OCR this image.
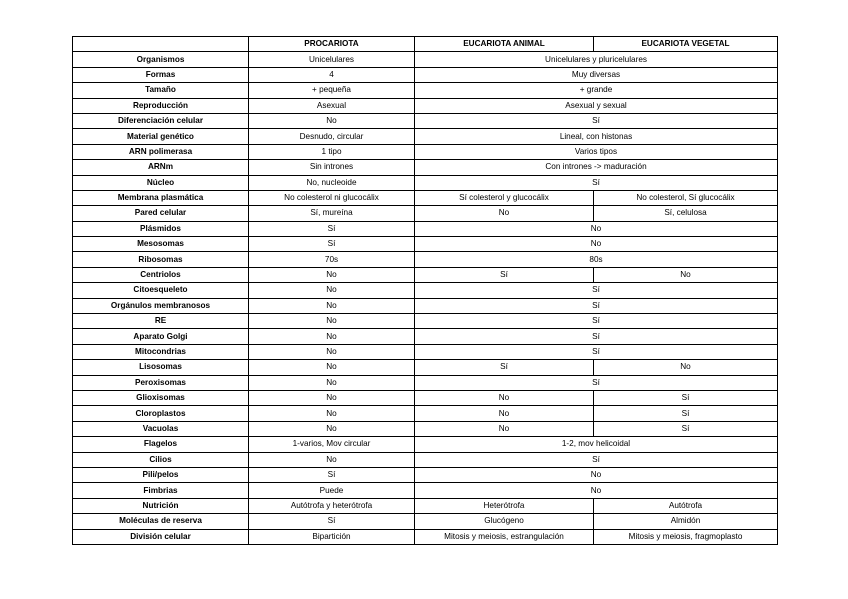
	PROCARIOTA	EUCARIOTA ANIMAL	EUCARIOTA VEGETAL
Organismos	Unicelulares	Unicelulares y pluricelulares	
Formas	4	Muy diversas	
Tamaño	+ pequeña	+ grande	
Reproducción	Asexual	Asexual y sexual	
Diferenciación celular	No	Sí	
Material genético	Desnudo, circular	Lineal, con histonas	
ARN polimerasa	1 tipo	Varios tipos	
ARNm	Sin intrones	Con intrones -> maduración	
Núcleo	No, nucleoide	Sí	
Membrana plasmática	No colesterol ni glucocálix	Sí colesterol y glucocálix	No colesterol, Sí glucocálix
Pared celular	Sí, mureína	No	Sí, celulosa
Plásmidos	Sí	No	
Mesosomas	Sí	No	
Ribosomas	70s	80s	
Centriolos	No	Sí	No
Citoesqueleto	No	Sí	
Orgánulos membranosos	No	Sí	
RE	No	Sí	
Aparato Golgi	No	Sí	
Mitocondrias	No	Sí	
Lisosomas	No	Sí	No
Peroxisomas	No	Sí	
Glioxisomas	No	No	Sí
Cloroplastos	No	No	Sí
Vacuolas	No	No	Sí
Flagelos	1-varios, Mov circular	1-2, mov helicoidal	
Cilios	No	Sí	
Pili/pelos	Sí	No	
Fimbrias	Puede	No	
Nutrición	Autótrofa y heterótrofa	Heterótrofa	Autótrofa
Moléculas de reserva	Sí	Glucógeno	Almidón
División celular	Bipartición	Mitosis y meiosis, estrangulación	Mitosis y meiosis, fragmoplasto
